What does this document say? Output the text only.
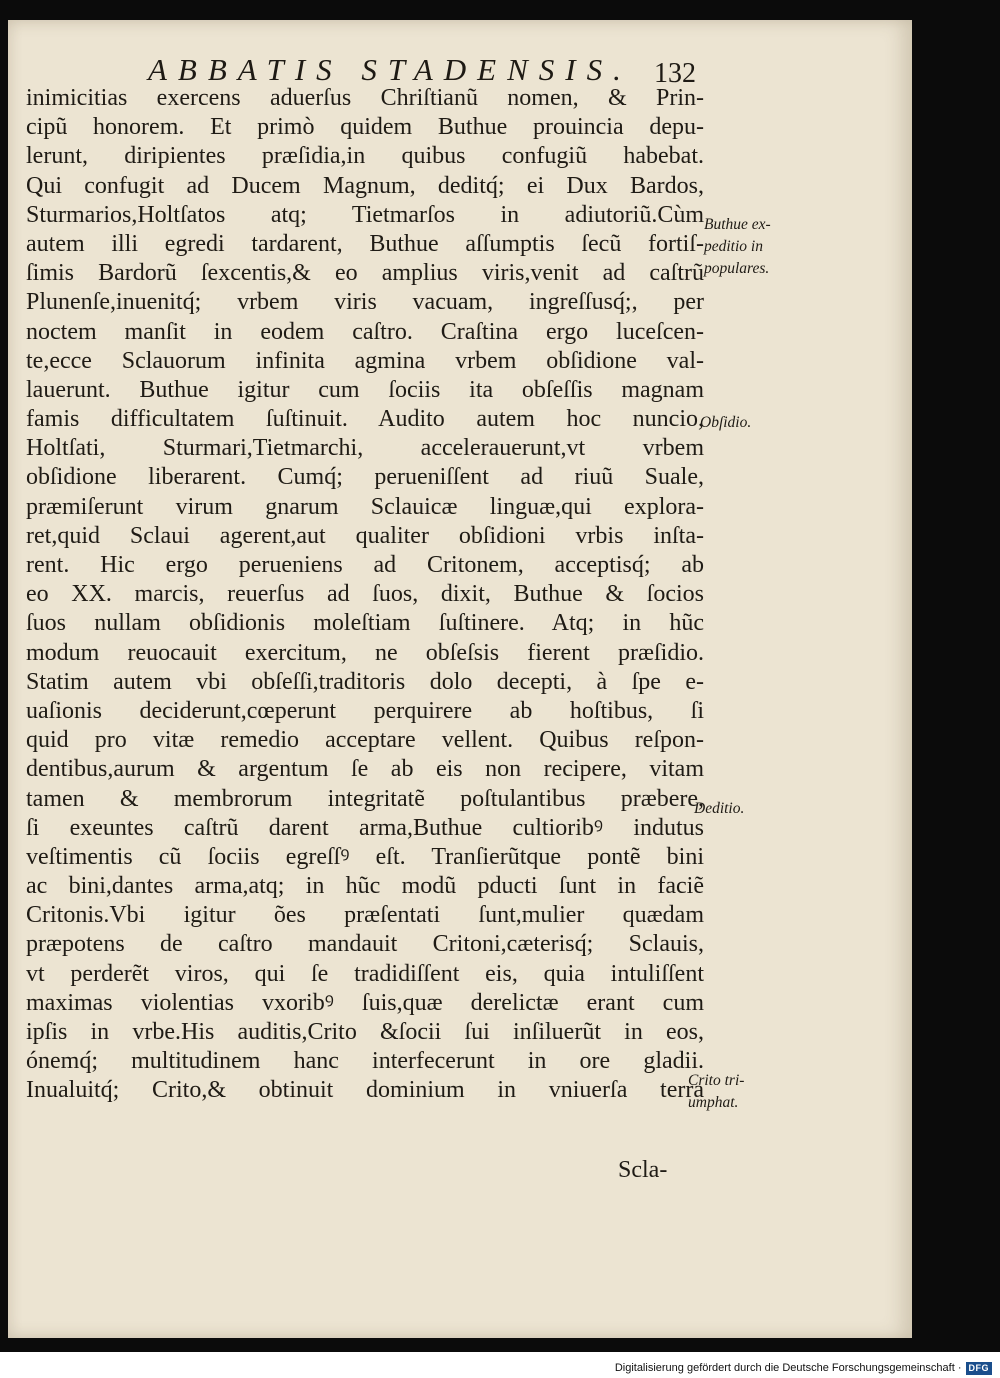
ABBATIS STADENSIS. 132
inimicitias exercens aduerſus Chriſtianũ nomen, & Prin-
cipũ honorem. Et primò quidem Buthue prouincia depu-
lerunt, diripientes præſidia,in quibus confugiũ habebat.
Qui confugit ad Ducem Magnum, deditq́; ei Dux Bardos,
Sturmarios,Holtſatos atq; Tietmarſos in adiutoriũ.Cùm
autem illi egredi tardarent, Buthue aſſumptis ſecũ fortiſ-
ſimis Bardorũ ſexcentis,& eo amplius viris,venit ad caſtrũ
Plunenſe,inuenitq́; vrbem viris vacuam, ingreſſusq́;, per
noctem manſit in eodem caſtro. Craſtina ergo luceſcen-
te,ecce Sclauorum infinita agmina vrbem obſidione val-
lauerunt. Buthue igitur cum ſociis ita obſeſſis magnam
famis difficultatem ſuſtinuit. Audito autem hoc nuncio,
Holtſati, Sturmari,Tietmarchi, accelerauerunt,vt vrbem
obſidione liberarent. Cumq́; perueniſſent ad riuũ Suale,
præmiſerunt virum gnarum Sclauicæ linguæ,qui explora-
ret,quid Sclaui agerent,aut qualiter obſidioni vrbis inſta-
rent. Hic ergo perueniens ad Critonem, acceptisq́; ab
eo XX. marcis, reuerſus ad ſuos, dixit, Buthue & ſocios
ſuos nullam obſidionis moleſtiam ſuſtinere. Atq; in hũc
modum reuocauit exercitum, ne obſeſsis fierent præſidio.
Statim autem vbi obſeſſi,traditoris dolo decepti, à ſpe e-
uaſionis deciderunt,cœperunt perquirere ab hoſtibus, ſi
quid pro vitæ remedio acceptare vellent. Quibus reſpon-
dentibus,aurum & argentum ſe ab eis non recipere, vitam
tamen & membrorum integritatẽ poſtulantibus præbere,
ſi exeuntes caſtrũ darent arma,Buthue cultioribꝰ indutus
veſtimentis cũ ſociis egreſſꝰ eſt. Tranſierũtque pontẽ bini
ac bini,dantes arma,atq; in hũc modũ pducti ſunt in faciẽ
Critonis.Vbi igitur ões præſentati ſunt,mulier quædam
præpotens de caſtro mandauit Critoni,cæterisq́; Sclauis,
vt perderẽt viros, qui ſe tradidiſſent eis, quia intuliſſent
maximas violentias vxoribꝰ ſuis,quæ derelictæ erant cum
ipſis in vrbe.His auditis,Crito &ſocii ſui inſiluerũt in eos,
ónemq́; multitudinem hanc interfecerunt in ore gladii.
Inualuitq́; Crito,& obtinuit dominium in vniuerſa terra
Scla-
Buthue ex-
peditio in
populares.
Obſidio.
Deditio.
Crito tri-
umphat.
Digitalisierung gefördert durch die Deutsche Forschungsgemeinschaft · DFG
